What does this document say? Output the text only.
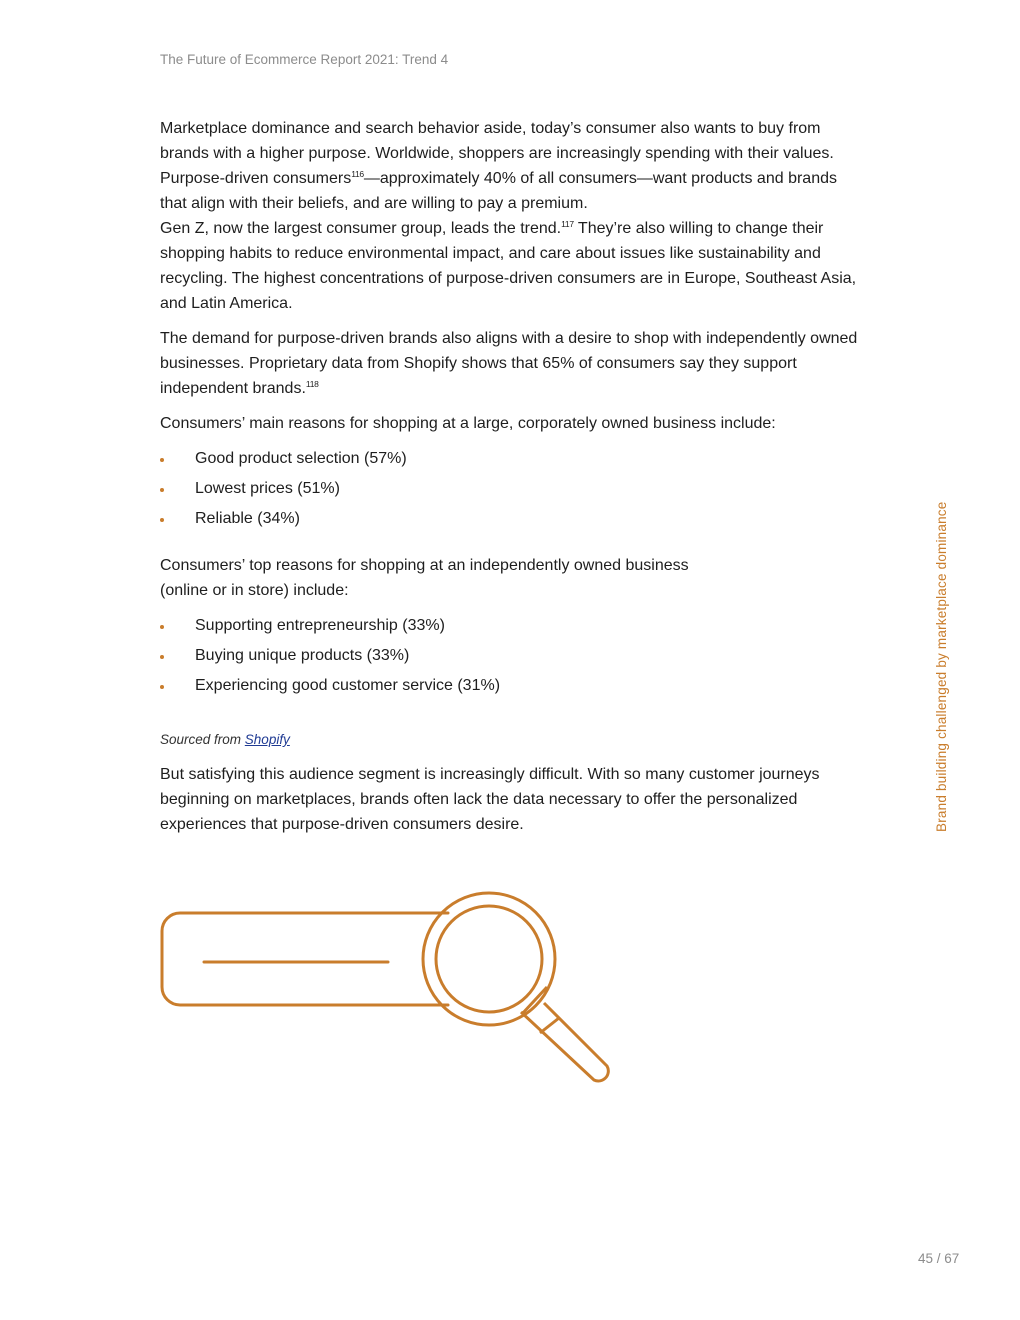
The Future of Ecommerce Report 2021: Trend 4

Marketplace dominance and search behavior aside, today’s consumer also wants to buy from brands with a higher purpose. Worldwide, shoppers are increasingly spending with their values. Purpose-driven consumers$^{116}$—approximately 40% of all consumers—want products and brands that align with their beliefs, and are willing to pay a premium.
Gen Z, now the largest consumer group, leads the trend.$^{117}$ They’re also willing to change their shopping habits to reduce environmental impact, and care about issues like sustainability and recycling. The highest concentrations of purpose-driven consumers are in Europe, Southeast Asia, and Latin America.

The demand for purpose-driven brands also aligns with a desire to shop with independently owned businesses. Proprietary data from Shopify shows that 65% of consumers say they support independent brands.$^{118}$

Consumers’ main reasons for shopping at a large, corporately owned business include:

Good product selection (57%)
Lowest prices (51%)
Reliable (34%)

Consumers’ top reasons for shopping at an independently owned business
(online or in store) include:

Supporting entrepreneurship (33%)
Buying unique products (33%)
Experiencing good customer service (31%)

Sourced from Shopify

But satisfying this audience segment is increasingly difficult. With so many customer journeys beginning on marketplaces, brands often lack the data necessary to offer the personalized experiences that purpose-driven consumers desire.	Brand building challenged by marketplace dominance
45 / 67
